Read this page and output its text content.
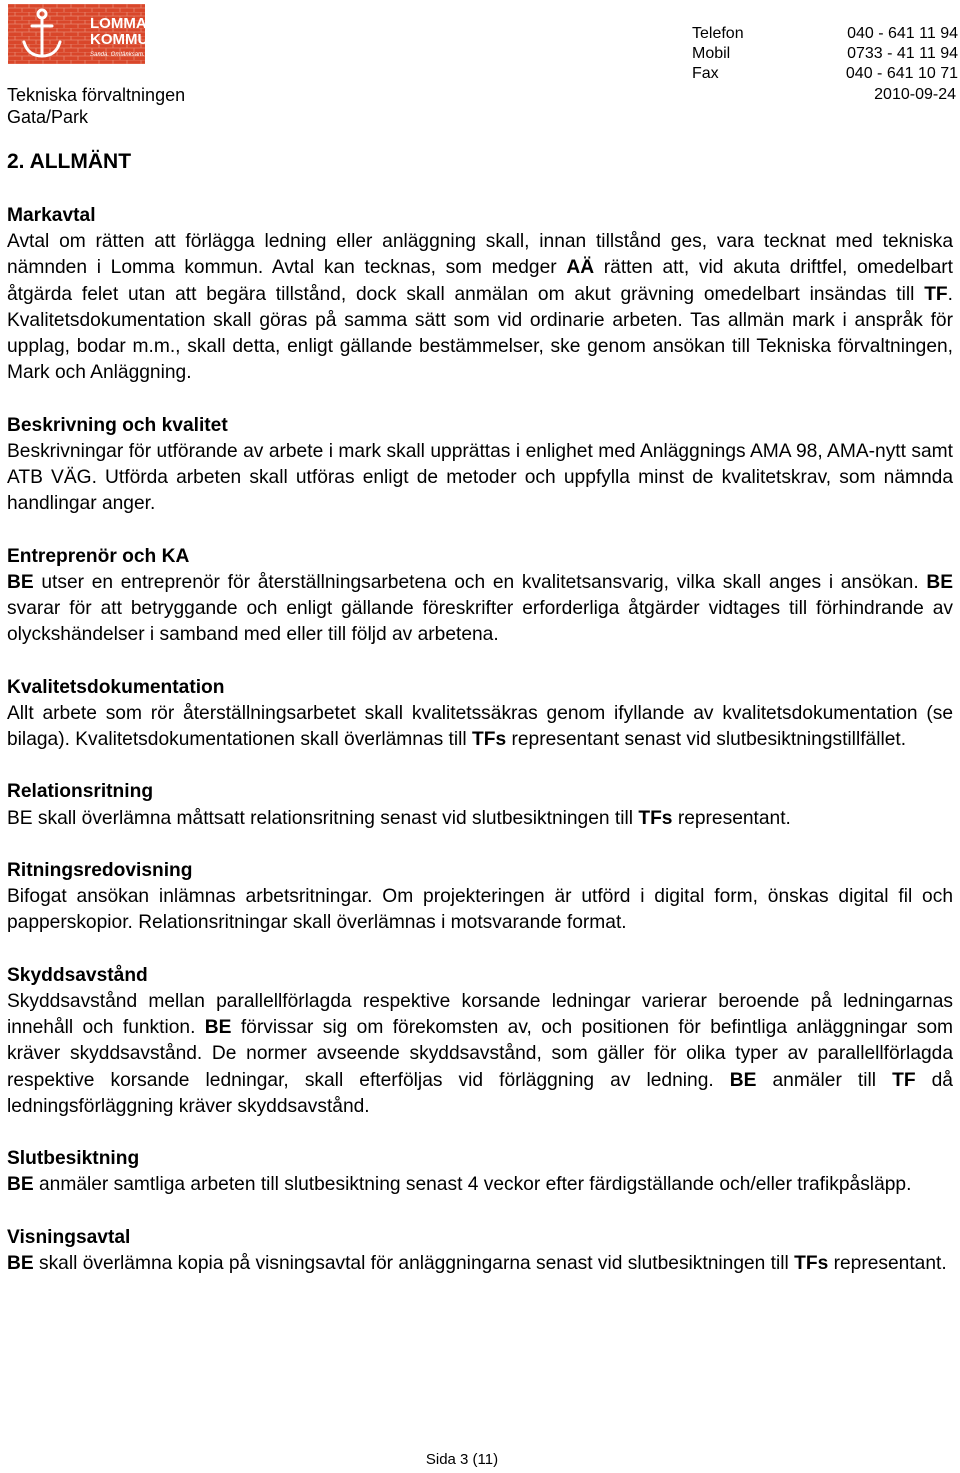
LOMMA
KOMMUN
Sanda. Omtänksam. Miljövänlig.
Tekniska förvaltningen
Gata/Park
Telefon	040 - 641 11 94
Mobil	0733 - 41 11 94
Fax	040 - 641 10 71
2010-09-24
2. ALLMÄNT
Markavtal

Avtal om rätten att förlägga ledning eller anläggning skall, innan tillstånd ges, vara tecknat med tekniska nämnden i Lomma kommun. Avtal kan tecknas, som medger AÄ rätten att, vid akuta driftfel, omedelbart åtgärda felet utan att begära tillstånd, dock skall anmälan om akut grävning omedelbart insändas till TF. Kvalitetsdokumentation skall göras på samma sätt som vid ordinarie arbeten. Tas allmän mark i anspråk för upplag, bodar m.m., skall detta, enligt gällande bestämmelser, ske genom ansökan till Tekniska förvaltningen, Mark och Anläggning.

Beskrivning och kvalitet

Beskrivningar för utförande av arbete i mark skall upprättas i enlighet med Anläggnings AMA 98, AMA-nytt samt ATB VÄG. Utförda arbeten skall utföras enligt de metoder och uppfylla minst de kvalitetskrav, som nämnda handlingar anger.

Entreprenör och KA

BE utser en entreprenör för återställningsarbetena och en kvalitetsansvarig, vilka skall anges i ansökan. BE svarar för att betryggande och enligt gällande föreskrifter erforderliga åtgärder vidtages till förhindrande av olyckshändelser i samband med eller till följd av arbetena.

Kvalitetsdokumentation

Allt arbete som rör återställningsarbetet skall kvalitetssäkras genom ifyllande av kvalitetsdokumentation (se bilaga). Kvalitetsdokumentationen skall överlämnas till TFs representant senast vid slutbesiktningstillfället.

Relationsritning

BE skall överlämna måttsatt relationsritning senast vid slutbesiktningen till TFs representant.

Ritningsredovisning

Bifogat ansökan inlämnas arbetsritningar. Om projekteringen är utförd i digital form, önskas digital fil och papperskopior. Relationsritningar skall överlämnas i motsvarande format.

Skyddsavstånd

Skyddsavstånd mellan parallellförlagda respektive korsande ledningar varierar beroende på ledningarnas innehåll och funktion. BE förvissar sig om förekomsten av, och positionen för befintliga anläggningar som kräver skyddsavstånd. De normer avseende skyddsavstånd, som gäller för olika typer av parallellförlagda respektive korsande ledningar, skall efterföljas vid förläggning av ledning. BE anmäler till TF då ledningsförläggning kräver skyddsavstånd.

Slutbesiktning

BE anmäler samtliga arbeten till slutbesiktning senast 4 veckor efter färdigställande och/eller trafikpåsläpp.

Visningsavtal

BE skall överlämna kopia på visningsavtal för anläggningarna senast vid slutbesiktningen till TFs representant.

Sida 3 (11)
